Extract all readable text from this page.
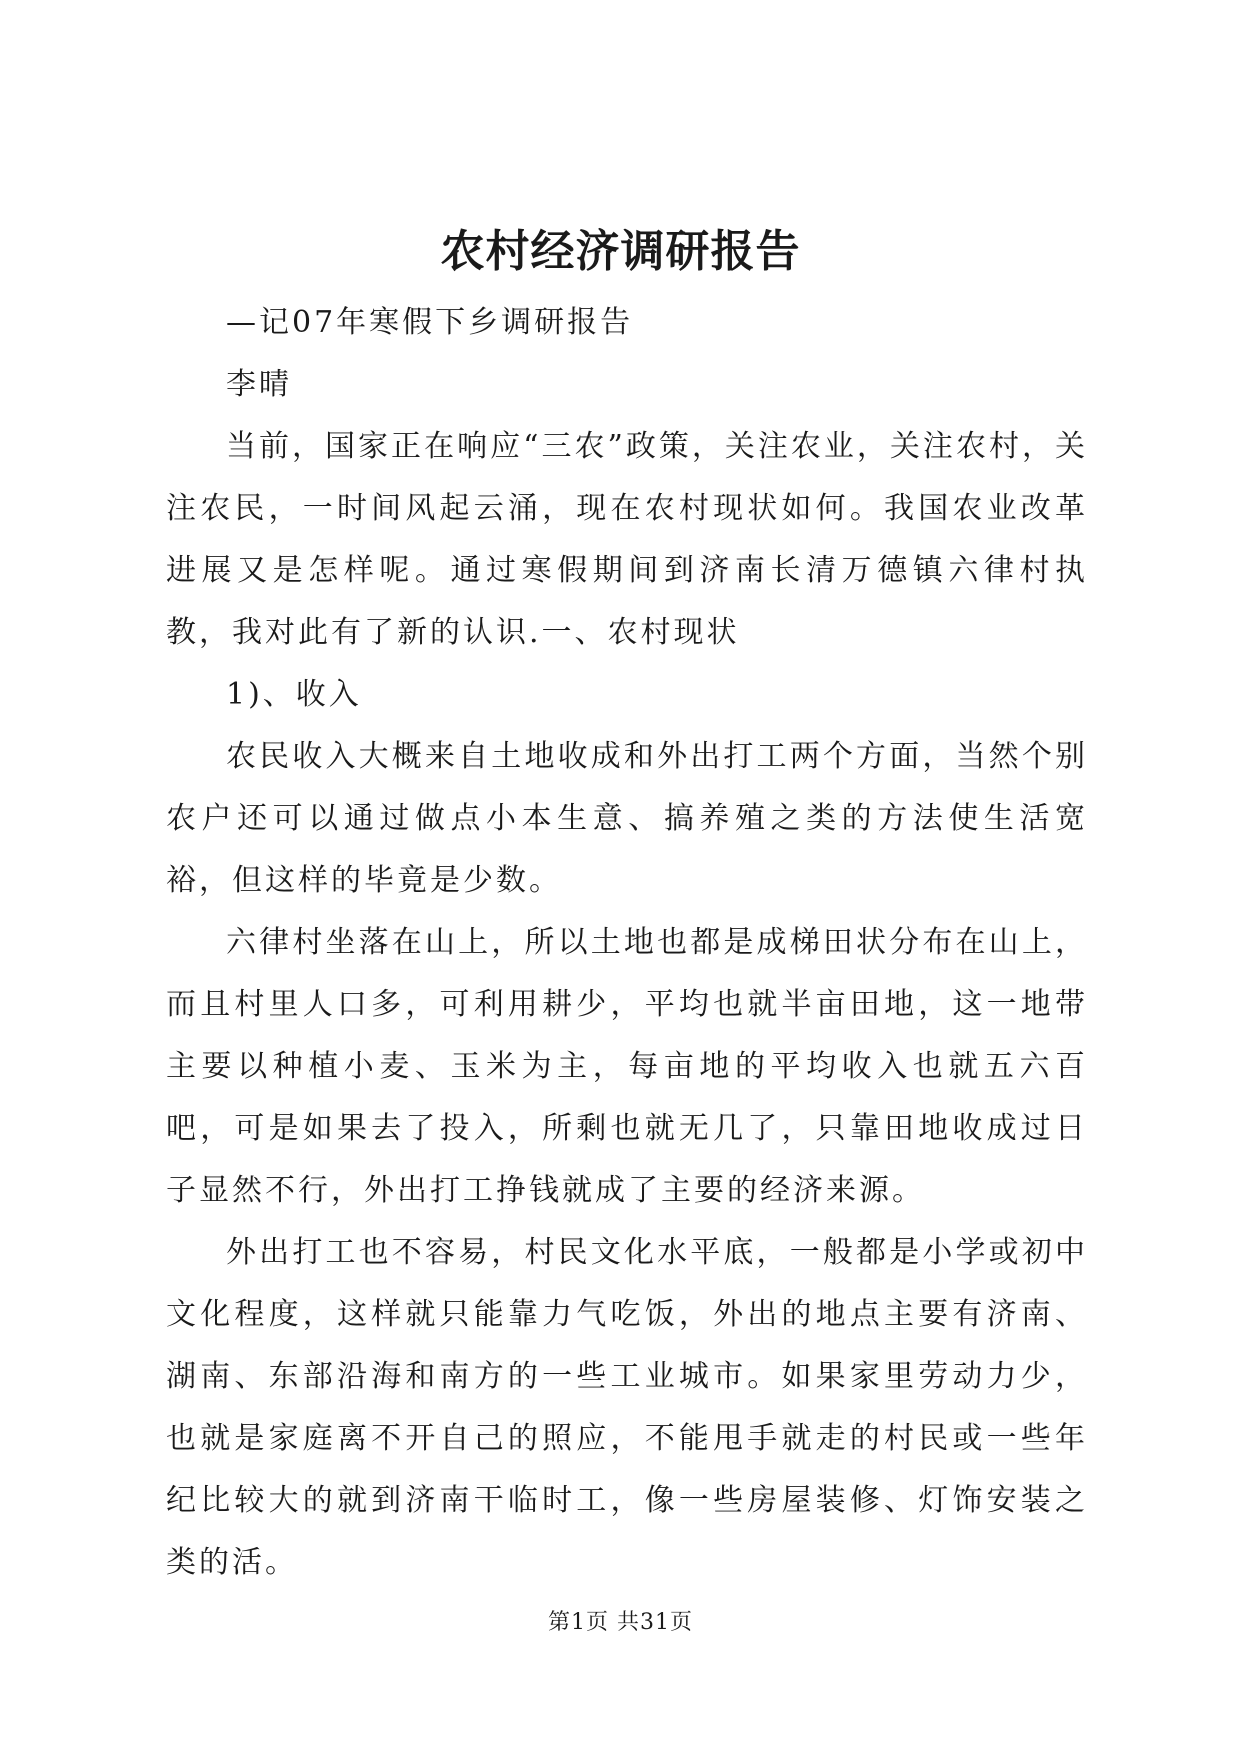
农村经济调研报告

—记07年寒假下乡调研报告

李晴

当前，国家正在响应“三农”政策，关注农业，关注农村，关注农民，一时间风起云涌，现在农村现状如何。我国农业改革进展又是怎样呢。通过寒假期间到济南长清万德镇六律村执教，我对此有了新的认识.一、农村现状

1)、收入

农民收入大概来自土地收成和外出打工两个方面，当然个别农户还可以通过做点小本生意、搞养殖之类的方法使生活宽裕，但这样的毕竟是少数。

六律村坐落在山上，所以土地也都是成梯田状分布在山上，而且村里人口多，可利用耕少，平均也就半亩田地，这一地带主要以种植小麦、玉米为主，每亩地的平均收入也就五六百吧，可是如果去了投入，所剩也就无几了，只靠田地收成过日子显然不行，外出打工挣钱就成了主要的经济来源。

外出打工也不容易，村民文化水平底，一般都是小学或初中文化程度，这样就只能靠力气吃饭，外出的地点主要有济南、湖南、东部沿海和南方的一些工业城市。如果家里劳动力少，也就是家庭离不开自己的照应，不能甩手就走的村民或一些年纪比较大的就到济南干临时工，像一些房屋装修、灯饰安装之类的活。

第1页 共31页
